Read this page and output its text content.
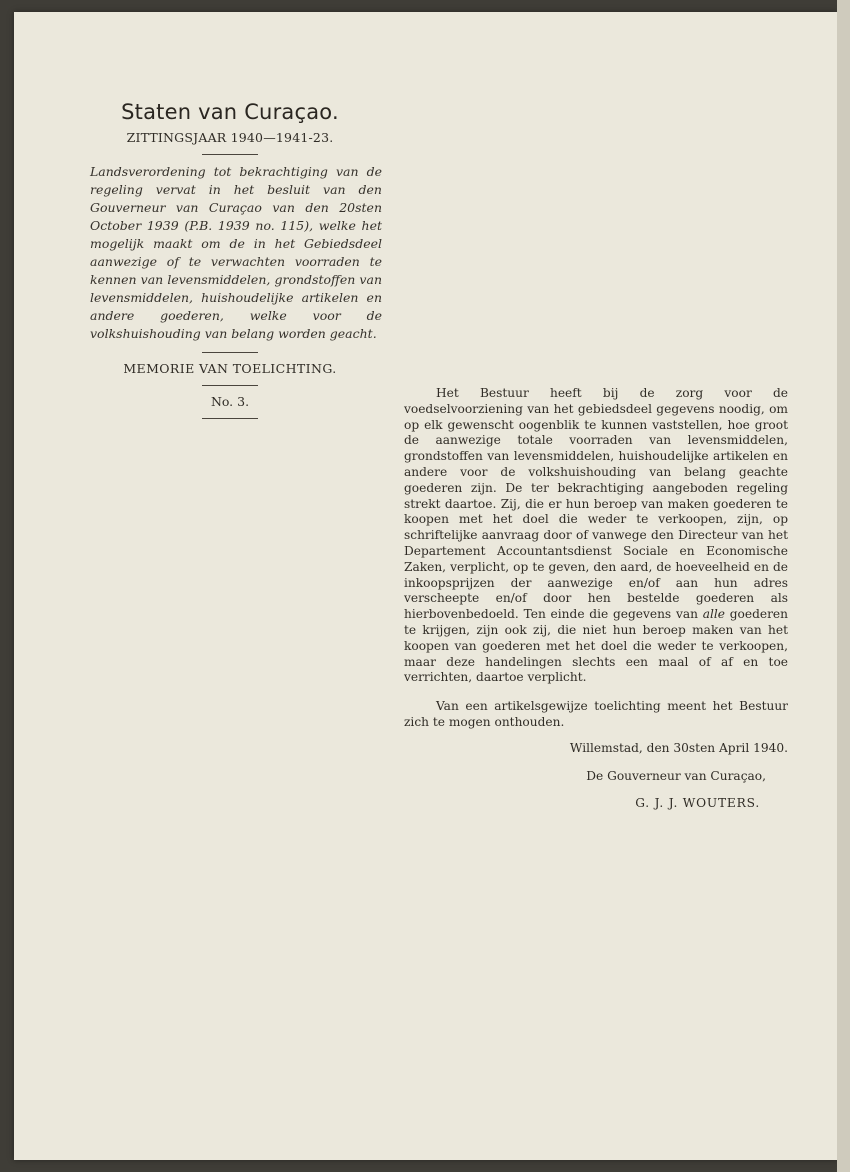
Staten van Curaçao.
ZITTINGSJAAR 1940—1941-23.
Landsverordening tot bekrachtiging van de regeling vervat in het besluit van den Gouverneur van Curaçao van den 20sten October 1939 (P.B. 1939 no. 115), welke het mogelijk maakt om de in het Gebiedsdeel aanwezige of te verwachten voorraden te kennen van levensmiddelen, grondstoffen van levensmiddelen, huishoudelijke artikelen en andere goederen, welke voor de volkshuishouding van belang worden geacht.
MEMORIE VAN TOELICHTING.
No. 3.

Het Bestuur heeft bij de zorg voor de voedselvoorziening van het gebiedsdeel gegevens noodig, om op elk gewenscht oogenblik te kunnen vaststellen, hoe groot de aanwezige totale voorraden van levensmiddelen, grondstoffen van levensmiddelen, huishoudelijke artikelen en andere voor de volkshuishouding van belang geachte goederen zijn. De ter bekrachtiging aangeboden regeling strekt daartoe. Zij, die er hun beroep van maken goederen te koopen met het doel die weder te verkoopen, zijn, op schriftelijke aanvraag door of vanwege den Directeur van het Departement Accountantsdienst Sociale en Economische Zaken, verplicht, op te geven, den aard, de hoeveelheid en de inkoopsprijzen der aanwezige en/of aan hun adres verscheepte en/of door hen bestelde goederen als hierbovenbedoeld. Ten einde die gegevens van alle goederen te krijgen, zijn ook zij, die niet hun beroep maken van het koopen van goederen met het doel die weder te verkoopen, maar deze handelingen slechts een maal of af en toe verrichten, daartoe verplicht.

Van een artikelsgewijze toelichting meent het Bestuur zich te mogen onthouden.

Willemstad, den 30sten April 1940.
De Gouverneur van Curaçao,
G. J. J. WOUTERS.
